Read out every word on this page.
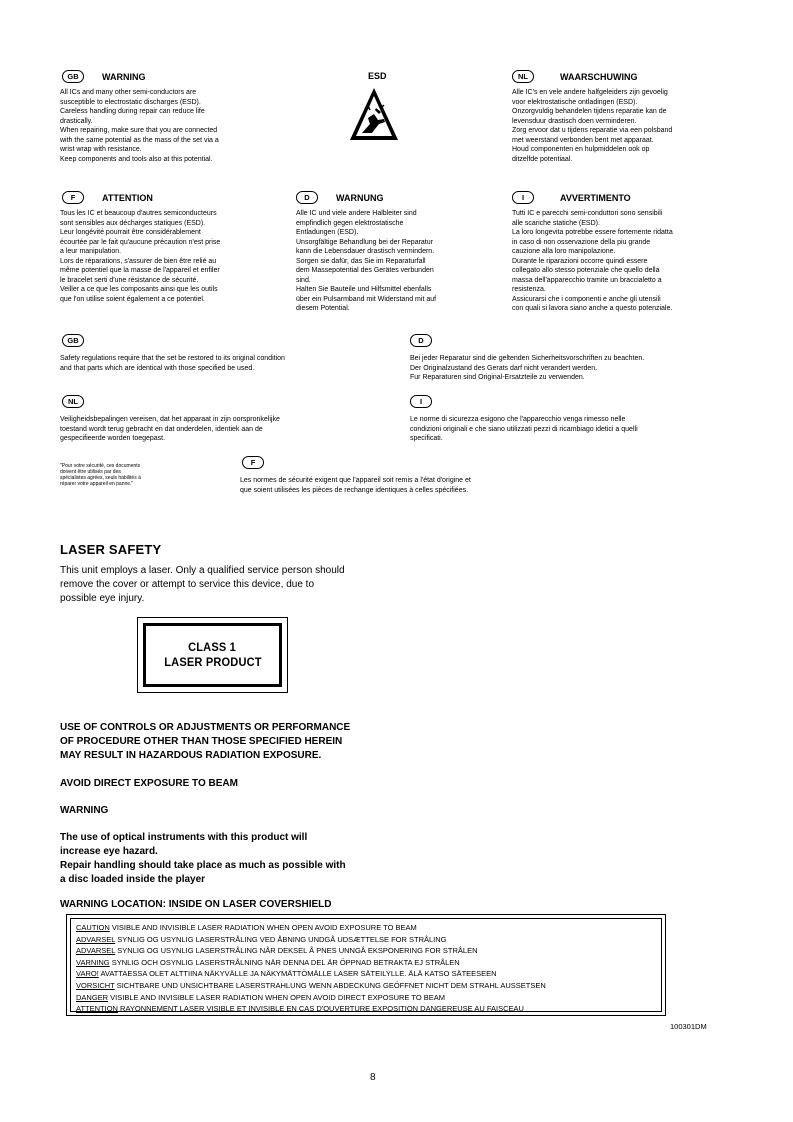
GB	WARNING
All ICs and many other semi-conductors are
susceptible to electrostatic discharges (ESD).
Careless handling during repair can reduce life
drastically.
When repairing, make sure that you are connected
with the same potential as the mass of the set via a
wrist wrap with resistance.
Keep components and tools also at this potential.
ESD	NL	WAARSCHUWING
Alle IC's en vele andere halfgeleiders zijn gevoelig
voor elektrostatische ontladingen (ESD).
Onzorgvuldig behandelen tijdens reparatie kan de
levensduur drastisch doen verminderen.
Zorg ervoor dat u tijdens reparatie via een polsband
met weerstand verbonden bent met apparaat.
Houd componenten en hulpmiddelen ook op
ditzelfde potentiaal.
F	ATTENTION
Tous les IC et beaucoup d'autres semiconducteurs
sont sensibles aux décharges statiques (ESD).
Leur longévité pourrait être considérablement
écourtée par le fait qu'aucune précaution n'est prise
a leur manipulation.
Lors de réparations, s'assurer de bien être relié au
même potentiel que la masse de l'appareil et enfiler
le bracelet serti d'une résistance de sécurité.
Veiller a ce que les composants ainsi que les outils
que l'on utilise soient également a ce potentiel.
D	WARNUNG
Alle IC und viele andere Halbleiter sind
empfindlich gegen elektrostatische
Entladungen (ESD).
Unsorgfältige Behandlung bei der Reparatur
kann die Lebensdauer drastisch vermindern.
Sorgen sie dafür, das Sie im Reparaturfall
dem Massepotential des Gerätes verbunden
sind.
Halten Sie Bauteile und Hilfsmittel ebenfalls
über ein Pulsarmband mit Widerstand mit auf
diesem Potential.
I	AVVERTIMENTO
Tutti IC e parecchi semi-conduttori sono sensibili
alle scariche statiche (ESD).
La loro longevita potrebbe essere fortemente ridatta
in caso di non osservazione della piu grande
cauzione alla loro manipolazione.
Durante le riparazioni occorre quindi essere
collegato allo stesso potenziale che quello della
massa dell'apparecchio tramite un braccialetto a
resistenza.
Assicurarsi che i componenti e anche gli utensili
con quali si lavora siano anche a questo potenziale.
GB
Safety regulations require that the set be restored to its original condition
and that parts which are identical with those specified be used.
D
Bei jeder Reparatur sind die geltenden Sicherheitsvorschriften zu beachten.
Der Originalzustand des Gerats darf nicht verandert werden.
Fur Reparaturen sind Original-Ersatzteile zu verwenden.
NL
Veiligheidsbepalingen vereisen, dat het apparaat in zijn oorspronkelijke
toestand wordt terug gebracht en dat onderdelen, identiek aan de
gespecifieerde worden toegepast.
I
Le norme di sicurezza esigono che l'apparecchio venga rimesso nelle
condizioni originali e che siano utilizzati pezzi di ricambiago idetici a quelli
specificati.
"Pour votre sécurité, ces documents
doivent être utilisés par des
spécialistes agrées, seuls habilités à
réparer votre appareil en panne."
F
Les normes de sécurité exigent que l'appareil soit remis a l'état d'origine et
que soient utilisées les pièces de rechange identiques à celles spécifiées.
LASER SAFETY
This unit employs a laser. Only a qualified service person should
remove the cover or attempt to service this device, due to
possible eye injury.
CLASS 1
LASER PRODUCT
USE OF CONTROLS OR ADJUSTMENTS OR PERFORMANCE
OF PROCEDURE OTHER THAN THOSE SPECIFIED HEREIN
MAY RESULT IN HAZARDOUS RADIATION EXPOSURE.
AVOID DIRECT EXPOSURE TO BEAM
WARNING
The use of optical instruments with this product will
increase eye hazard.
Repair handling should take place as much as possible with
a disc loaded inside the player
WARNING LOCATION: INSIDE ON LASER COVERSHIELD
CAUTION VISIBLE AND INVISIBLE LASER RADIATION WHEN OPEN AVOID EXPOSURE TO BEAM
ADVARSEL SYNLIG OG USYNLIG LASERSTRÅLING VED ÅBNING UNDGÅ UDSÆTTELSE FOR STRÅLING
ADVARSEL SYNLIG OG USYNLIG LASERSTRÅLING NÅR DEKSEL Å PNES UNNGÅ EKSPONERING FOR STRÅLEN
VARNING SYNLIG OCH OSYNLIG LASERSTRÅLNING NÄR DENNA DEL ÄR ÖPPNAD BETRAKTA EJ STRÅLEN
VARO! AVATTAESSA OLET ALTTIINA NÄKYVÄLLE JA NÄKYMÄTTÖMÄLLE LASER SÄTEILYLLE. ÄLÄ KATSO SÄTEESEEN
VORSICHT SICHTBARE UND UNSICHTBARE LASERSTRAHLUNG WENN ABDECKUNG GEÖFFNET NICHT DEM STRAHL AUSSETSEN
DANGER VISIBLE AND INVISIBLE LASER RADIATION WHEN OPEN AVOID DIRECT EXPOSURE TO BEAM
ATTENTION RAYONNEMENT LASER VISIBLE ET INVISIBLE EN CAS D'OUVERTURE EXPOSITION DANGEREUSE AU FAISCEAU
100301DM
8
